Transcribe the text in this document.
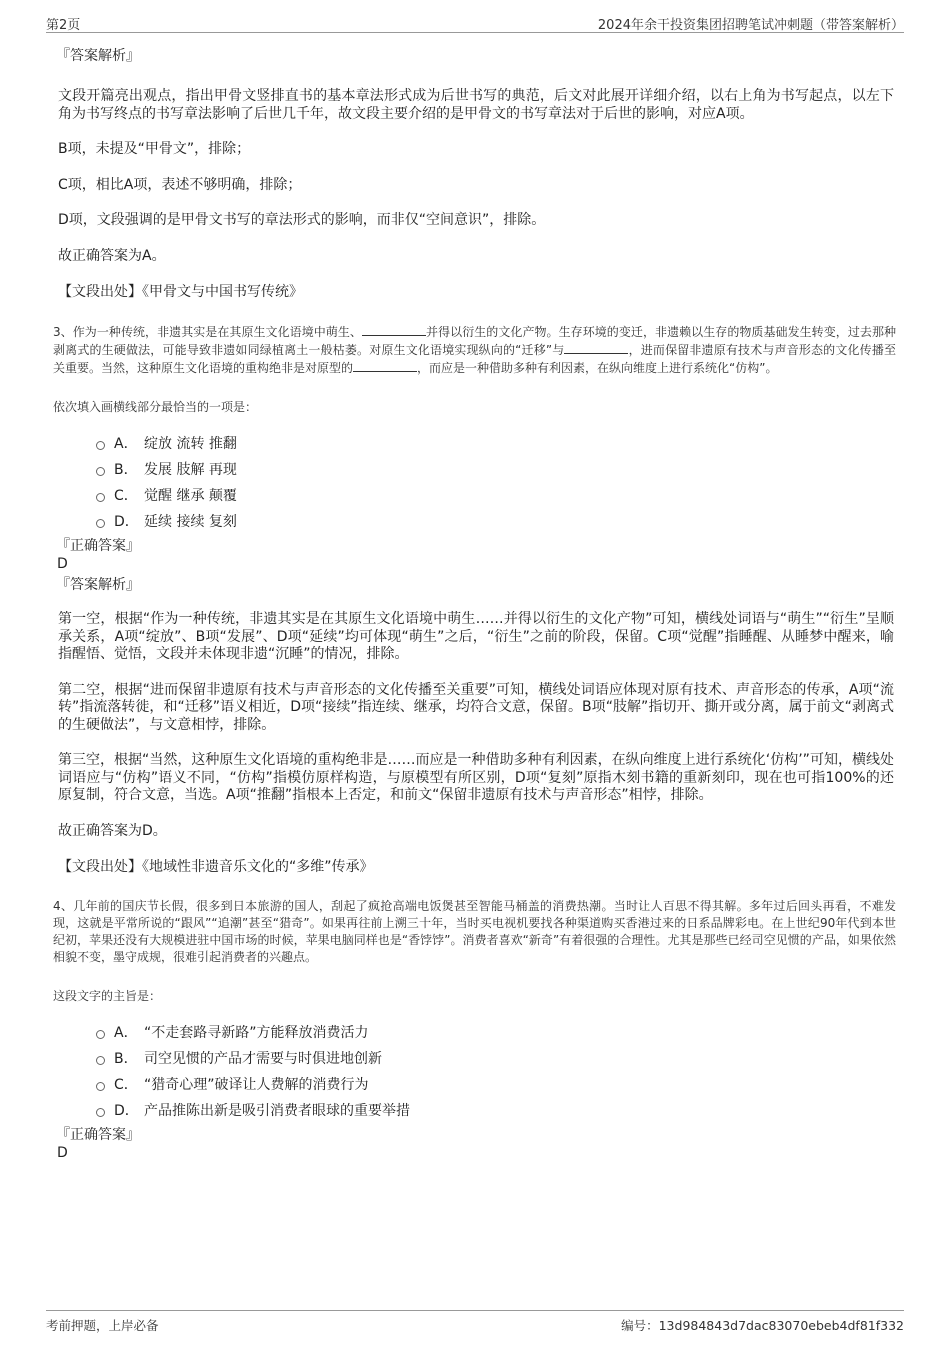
第2页	2024年余干投资集团招聘笔试冲刺题（带答案解析）
『答案解析』

文段开篇亮出观点，指出甲骨文竖排直书的基本章法形式成为后世书写的典范，后文对此展开详细介绍，以右上角为书写起点，以左下角为书写终点的书写章法影响了后世几千年，故文段主要介绍的是甲骨文的书写章法对于后世的影响，对应A项。

B项，未提及“甲骨文”，排除；

C项，相比A项，表述不够明确，排除；

D项，文段强调的是甲骨文书写的章法形式的影响，而非仅“空间意识”，排除。

故正确答案为A。

【文段出处】《甲骨文与中国书写传统》

3、作为一种传统，非遗其实是在其原生文化语境中萌生、	并得以衍生的文化产物。生存环境的变迁，非遗赖以生存的物质基础发生转变，过去那种剥离式的生硬做法，可能导致非遗如同绿植离土一般枯萎。对原生文化语境实现纵向的“迁移”与	，进而保留非遗原有技术与声音形态的文化传播至关重要。当然，这种原生文化语境的重构绝非是对原型的	，而应是一种借助多种有利因素，在纵向维度上进行系统化“仿构”。

依次填入画横线部分最恰当的一项是：

A． 绽放 流转 推翻
B． 发展 肢解 再现
C． 觉醒 继承 颠覆
D． 延续 接续 复刻
『正确答案』
D
『答案解析』

第一空，根据“作为一种传统，非遗其实是在其原生文化语境中萌生……并得以衍生的文化产物”可知，横线处词语与“萌生”“衍生”呈顺承关系，A项“绽放”、B项“发展”、D项“延续”均可体现“萌生”之后，“衍生”之前的阶段，保留。C项“觉醒”指睡醒、从睡梦中醒来，喻指醒悟、觉悟，文段并未体现非遗“沉睡”的情况，排除。

第二空，根据“进而保留非遗原有技术与声音形态的文化传播至关重要”可知，横线处词语应体现对原有技术、声音形态的传承，A项“流转”指流落转徙，和“迁移”语义相近，D项“接续”指连续、继承，均符合文意，保留。B项“肢解”指切开、撕开或分离，属于前文“剥离式的生硬做法”，与文意相悖，排除。

第三空，根据“当然，这种原生文化语境的重构绝非是……而应是一种借助多种有利因素，在纵向维度上进行系统化‘仿构’”可知，横线处词语应与“仿构”语义不同，“仿构”指模仿原样构造，与原模型有所区别，D项“复刻”原指木刻书籍的重新刻印，现在也可指100%的还原复制，符合文意，当选。A项“推翻”指根本上否定，和前文“保留非遗原有技术与声音形态”相悖，排除。

故正确答案为D。

【文段出处】《地域性非遗音乐文化的“多维”传承》

4、几年前的国庆节长假，很多到日本旅游的国人，刮起了疯抢高端电饭煲甚至智能马桶盖的消费热潮。当时让人百思不得其解。多年过后回头再看，不难发现，这就是平常所说的“跟风”“追潮”甚至“猎奇”。如果再往前上溯三十年，当时买电视机要找各种渠道购买香港过来的日系品牌彩电。在上世纪90年代到本世纪初，苹果还没有大规模进驻中国市场的时候，苹果电脑同样也是“香饽饽”。消费者喜欢“新奇”有着很强的合理性。尤其是那些已经司空见惯的产品，如果依然相貌不变，墨守成规，很难引起消费者的兴趣点。

这段文字的主旨是：

A． “不走套路寻新路”方能释放消费活力
B． 司空见惯的产品才需要与时俱进地创新
C． “猎奇心理”破译让人费解的消费行为
D． 产品推陈出新是吸引消费者眼球的重要举措
『正确答案』
D
考前押题，上岸必备	编号：13d984843d7dac83070ebeb4df81f332
